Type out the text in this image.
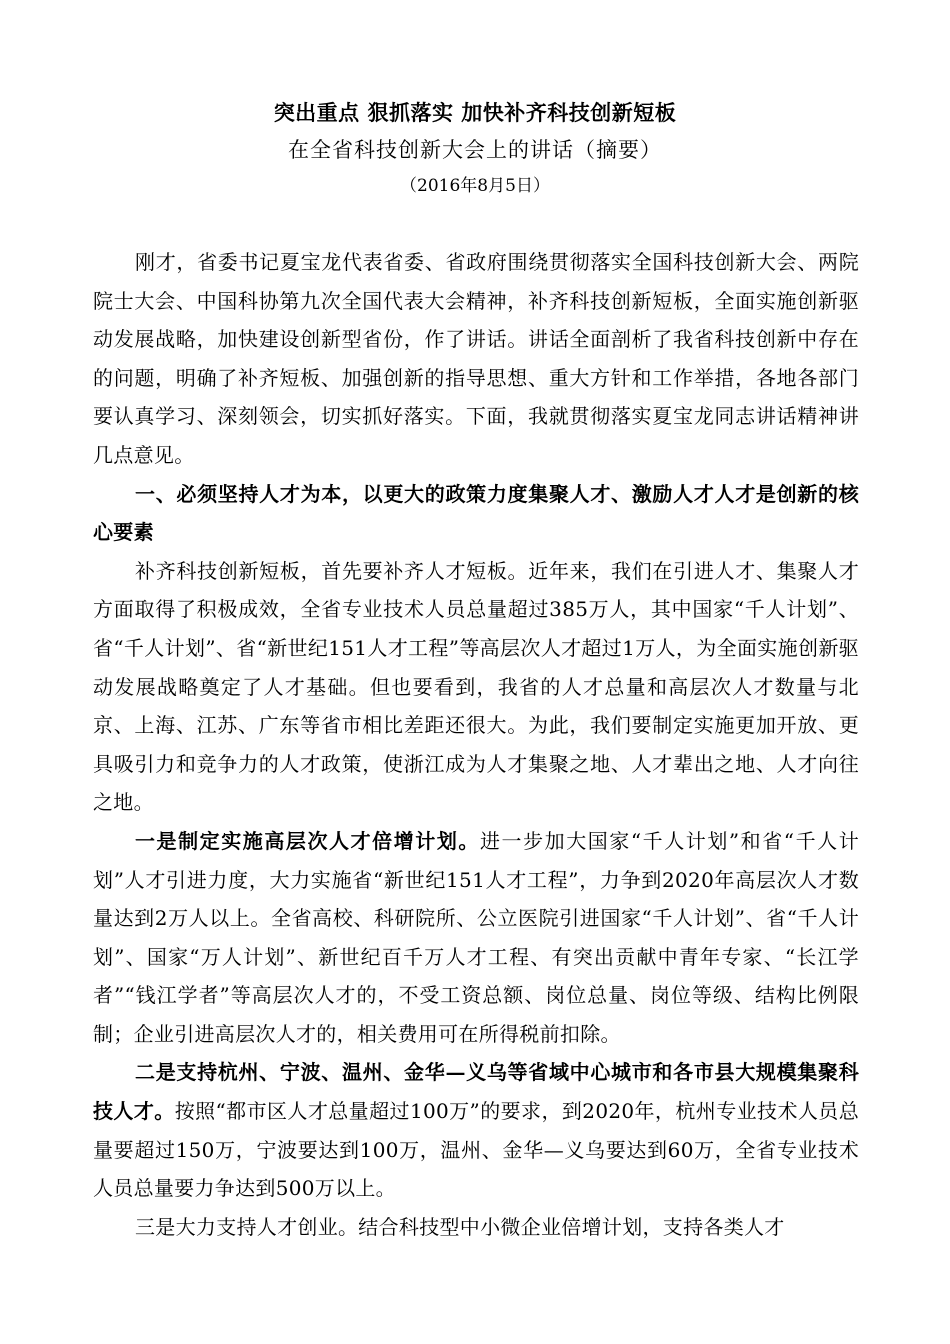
突出重点 狠抓落实 加快补齐科技创新短板
在全省科技创新大会上的讲话（摘要）
（2016年8月5日）

刚才，省委书记夏宝龙代表省委、省政府围绕贯彻落实全国科技创新大会、两院院士大会、中国科协第九次全国代表大会精神，补齐科技创新短板，全面实施创新驱动发展战略，加快建设创新型省份，作了讲话。讲话全面剖析了我省科技创新中存在的问题，明确了补齐短板、加强创新的指导思想、重大方针和工作举措，各地各部门要认真学习、深刻领会，切实抓好落实。下面，我就贯彻落实夏宝龙同志讲话精神讲几点意见。

一、必须坚持人才为本，以更大的政策力度集聚人才、激励人才人才是创新的核心要素

补齐科技创新短板，首先要补齐人才短板。近年来，我们在引进人才、集聚人才方面取得了积极成效，全省专业技术人员总量超过385万人，其中国家“千人计划”、省“千人计划”、省“新世纪151人才工程”等高层次人才超过1万人，为全面实施创新驱动发展战略奠定了人才基础。但也要看到，我省的人才总量和高层次人才数量与北京、上海、江苏、广东等省市相比差距还很大。为此，我们要制定实施更加开放、更具吸引力和竞争力的人才政策，使浙江成为人才集聚之地、人才辈出之地、人才向往之地。

一是制定实施高层次人才倍增计划。进一步加大国家“千人计划”和省“千人计划”人才引进力度，大力实施省“新世纪151人才工程”，力争到2020年高层次人才数量达到2万人以上。全省高校、科研院所、公立医院引进国家“千人计划”、省“千人计划”、国家“万人计划”、新世纪百千万人才工程、有突出贡献中青年专家、“长江学者”“钱江学者”等高层次人才的，不受工资总额、岗位总量、岗位等级、结构比例限制；企业引进高层次人才的，相关费用可在所得税前扣除。

二是支持杭州、宁波、温州、金华—义乌等省域中心城市和各市县大规模集聚科技人才。按照“都市区人才总量超过100万”的要求，到2020年，杭州专业技术人员总量要超过150万，宁波要达到100万，温州、金华—义乌要达到60万，全省专业技术人员总量要力争达到500万以上。

三是大力支持人才创业。结合科技型中小微企业倍增计划，支持各类人才
